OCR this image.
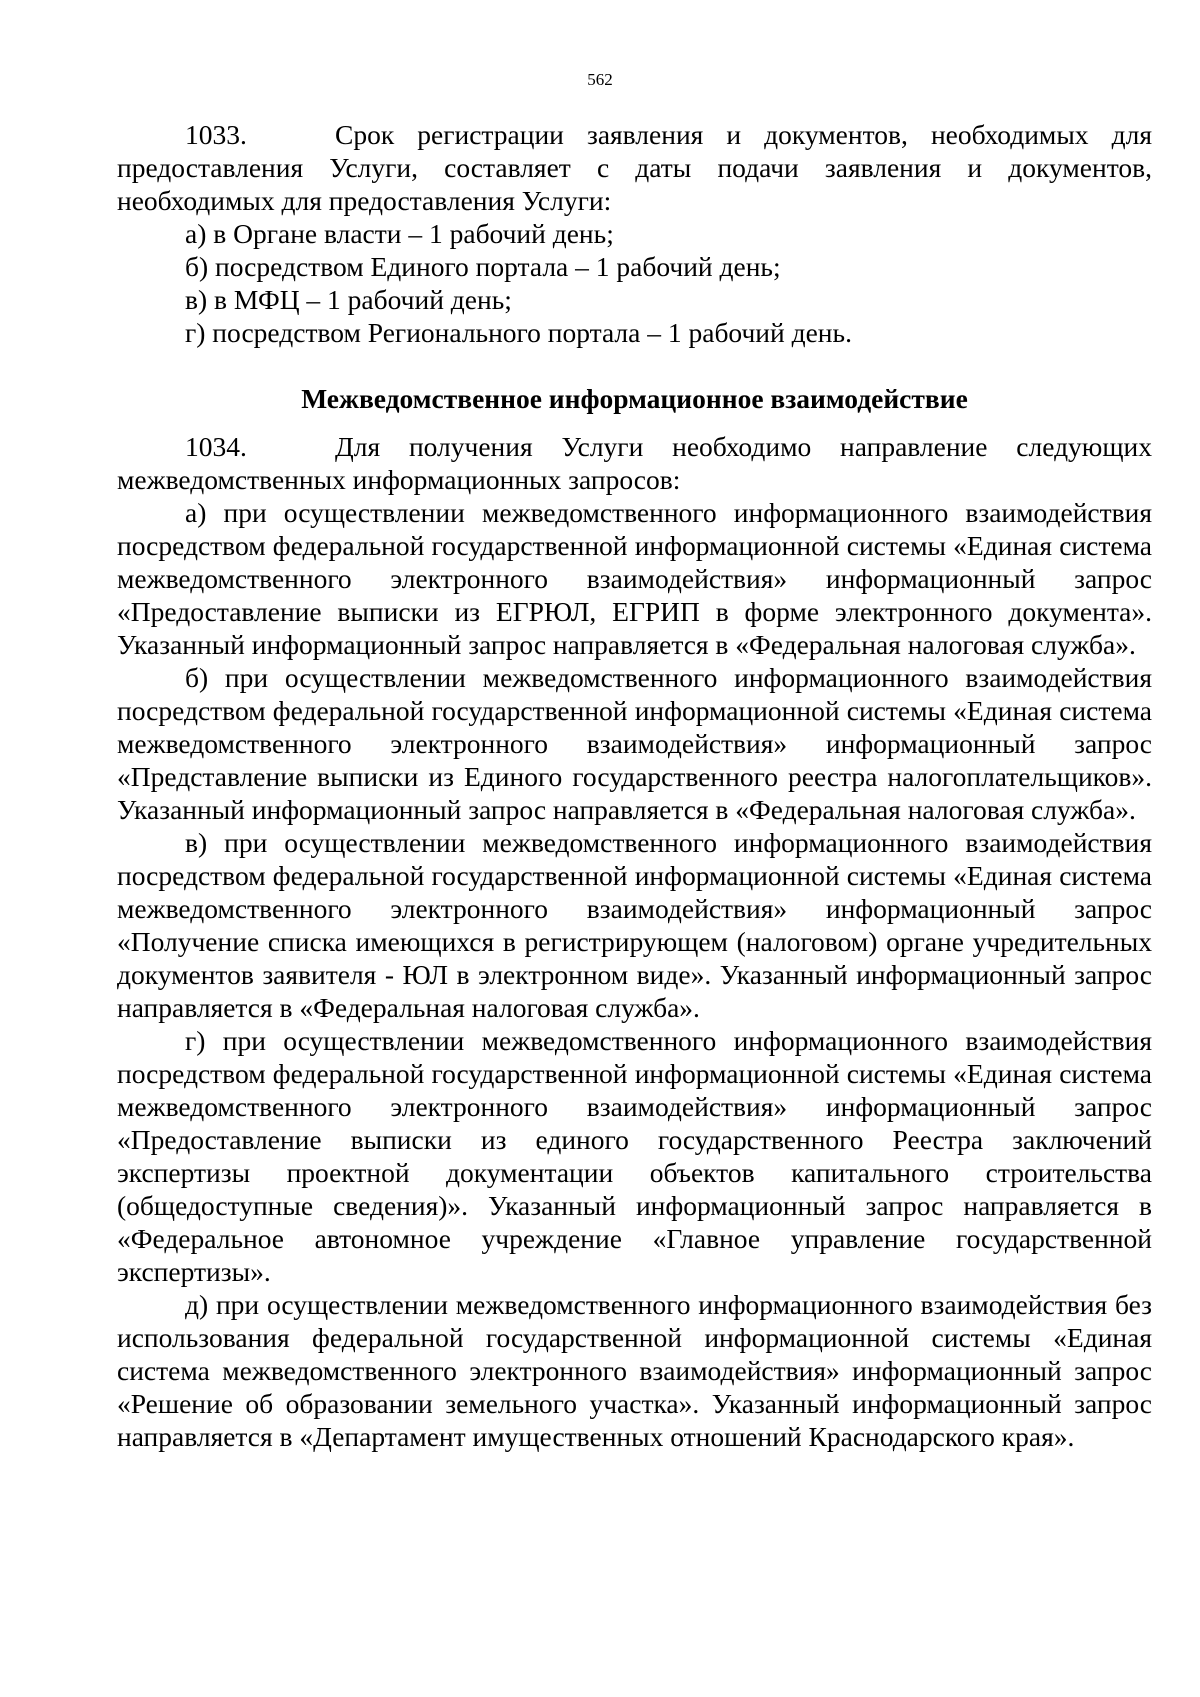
562

1033.	Срок регистрации заявления и документов, необходимых для предоставления Услуги, составляет с даты подачи заявления и документов, необходимых для предоставления Услуги:

а) в Органе власти – 1 рабочий день;

б) посредством Единого портала – 1 рабочий день;

в) в МФЦ – 1 рабочий день;

г) посредством Регионального портала – 1 рабочий день.

Межведомственное информационное взаимодействие

1034.	Для получения Услуги необходимо направление следующих межведомственных информационных запросов:

а) при осуществлении межведомственного информационного взаимодействия посредством федеральной государственной информационной системы «Единая система межведомственного электронного взаимодействия» информационный запрос «Предоставление выписки из ЕГРЮЛ, ЕГРИП в форме электронного документа». Указанный информационный запрос направляется в «Федеральная налоговая служба».

б) при осуществлении межведомственного информационного взаимодействия посредством федеральной государственной информационной системы «Единая система межведомственного электронного взаимодействия» информационный запрос «Представление выписки из Единого государственного реестра налогоплательщиков». Указанный информационный запрос направляется в «Федеральная налоговая служба».

в) при осуществлении межведомственного информационного взаимодействия посредством федеральной государственной информационной системы «Единая система межведомственного электронного взаимодействия» информационный запрос «Получение списка имеющихся в регистрирующем (налоговом) органе учредительных документов заявителя - ЮЛ в электронном виде». Указанный информационный запрос направляется в «Федеральная налоговая служба».

г) при осуществлении межведомственного информационного взаимодействия посредством федеральной государственной информационной системы «Единая система межведомственного электронного взаимодействия» информационный запрос «Предоставление выписки из единого государственного Реестра заключений экспертизы проектной документации объектов капитального строительства (общедоступные сведения)». Указанный информационный запрос направляется в «Федеральное автономное учреждение «Главное управление государственной экспертизы».

д) при осуществлении межведомственного информационного взаимодействия без использования федеральной государственной информационной системы «Единая система межведомственного электронного взаимодействия» информационный запрос «Решение об образовании земельного участка». Указанный информационный запрос направляется в «Департамент имущественных отношений Краснодарского края».
